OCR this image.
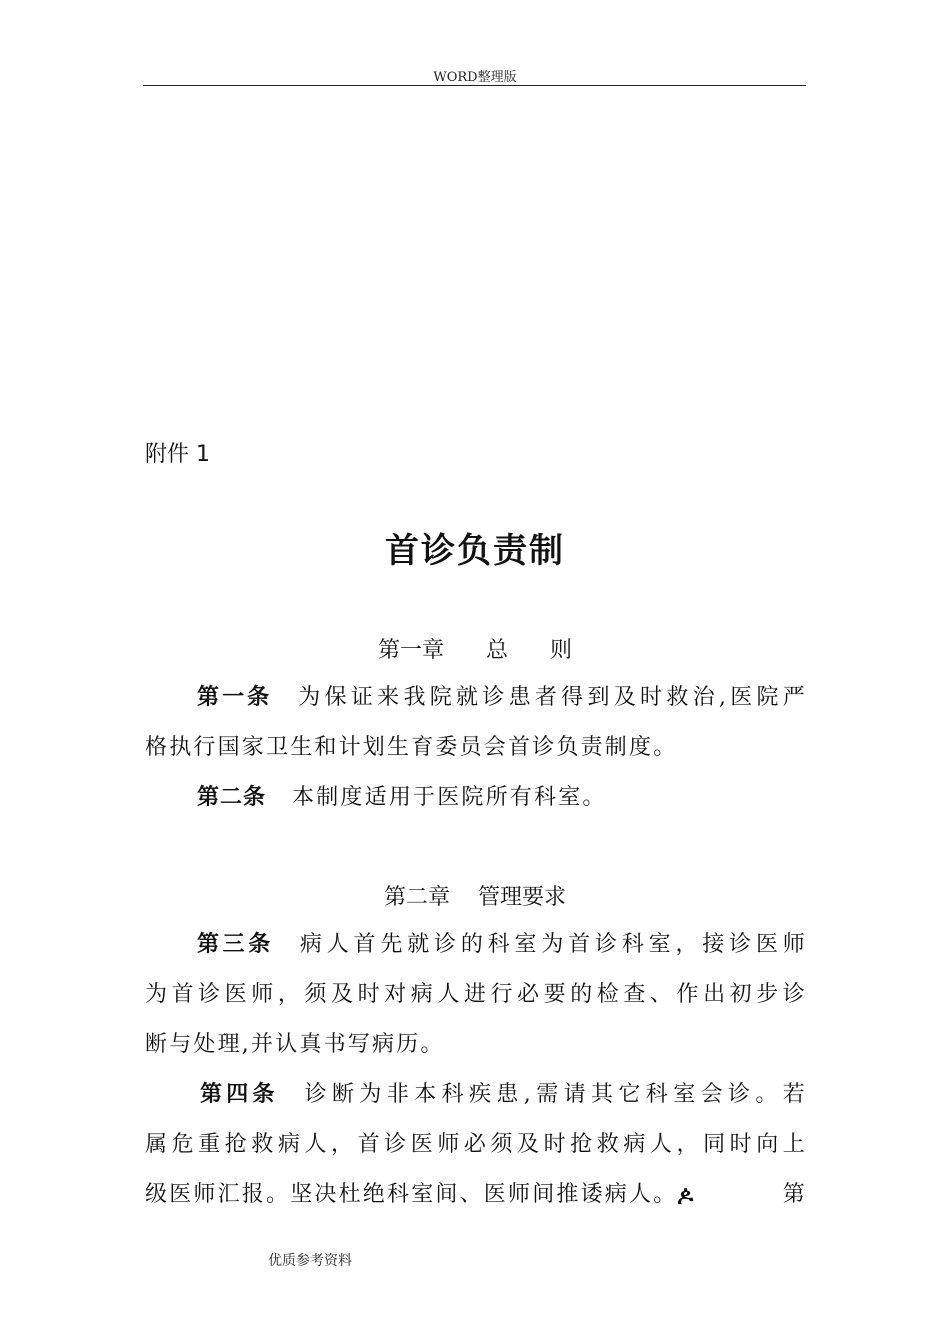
WORD整理版
附件 1
首诊负责制
第一章      总      则
第一条 为保证来我院就诊患者得到及时救治,医院严
格执行国家卫生和计划生育委员会首诊负责制度。
第二条 本制度适用于医院所有科室。
第二章    管理要求
第三条 病人首先就诊的科室为首诊科室，接诊医师
为首诊医师，须及时对病人进行必要的检查、作出初步诊
断与处理,并认真书写病历。
第四条 诊断为非本科疾患,需请其它科室会诊。若
属危重抢救病人，首诊医师必须及时抢救病人，同时向上
级医师汇报。坚决杜绝科室间、医师间推诿病人。ዾ	第
优质参考资料
